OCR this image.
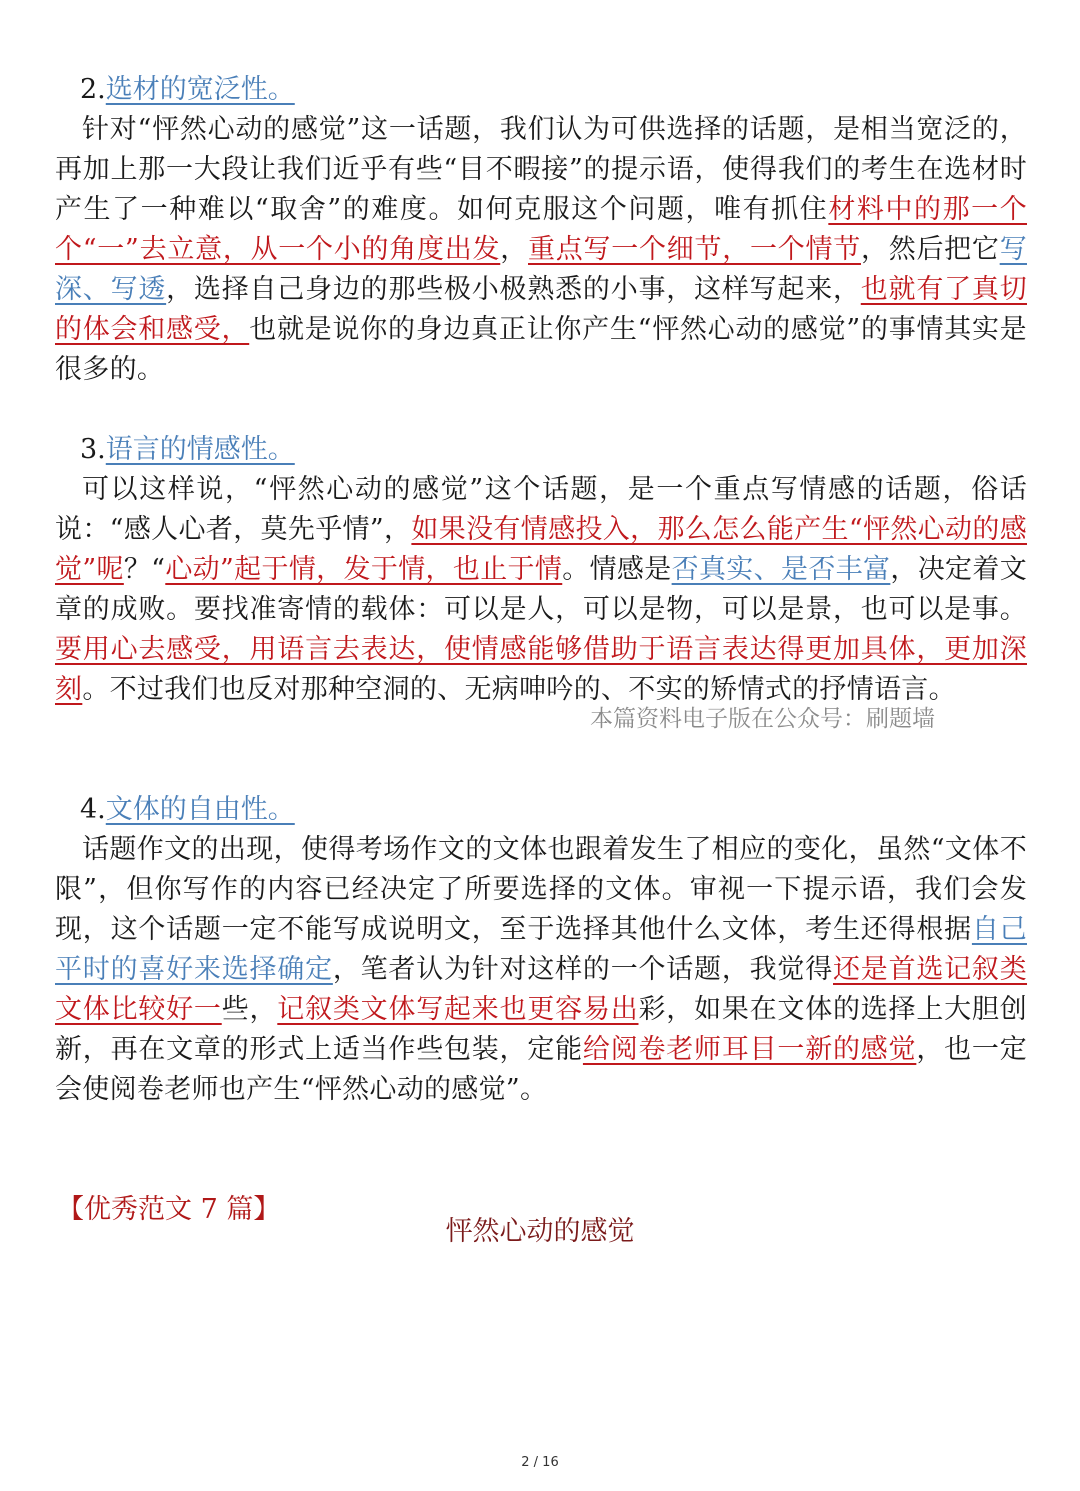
2.选材的宽泛性。
针对“怦然心动的感觉”这一话题，我们认为可供选择的话题，是相当宽泛的，再加上那一大段让我们近乎有些“目不暇接”的提示语，使得我们的考生在选材时产生了一种难以“取舍”的难度。如何克服这个问题，唯有抓住材料中的那一个个“一”去立意，从一个小的角度出发，重点写一个细节，一个情节，然后把它写深、写透，选择自己身边的那些极小极熟悉的小事，这样写起来，也就有了真切的体会和感受，也就是说你的身边真正让你产生“怦然心动的感觉”的事情其实是很多的。
3.语言的情感性。
可以这样说，“怦然心动的感觉”这个话题，是一个重点写情感的话题，俗话说：“感人心者，莫先乎情”，如果没有情感投入，那么怎么能产生“怦然心动的感觉”呢？“心动”起于情，发于情，也止于情。情感是否真实、是否丰富，决定着文章的成败。要找准寄情的载体：可以是人，可以是物，可以是景，也可以是事。要用心去感受，用语言去表达，使情感能够借助于语言表达得更加具体，更加深刻。不过我们也反对那种空洞的、无病呻吟的、不实的矫情式的抒情语言。
本篇资料电子版在公众号：刷题墙
4.文体的自由性。
话题作文的出现，使得考场作文的文体也跟着发生了相应的变化，虽然“文体不限”，但你写作的内容已经决定了所要选择的文体。审视一下提示语，我们会发现，这个话题一定不能写成说明文，至于选择其他什么文体，考生还得根据自己平时的喜好来选择确定，笔者认为针对这样的一个话题，我觉得还是首选记叙类文体比较好一些，记叙类文体写起来也更容易出彩，如果在文体的选择上大胆创新，再在文章的形式上适当作些包装，定能给阅卷老师耳目一新的感觉，也一定会使阅卷老师也产生“怦然心动的感觉”。
【优秀范文 7 篇】
怦然心动的感觉
2 / 16
